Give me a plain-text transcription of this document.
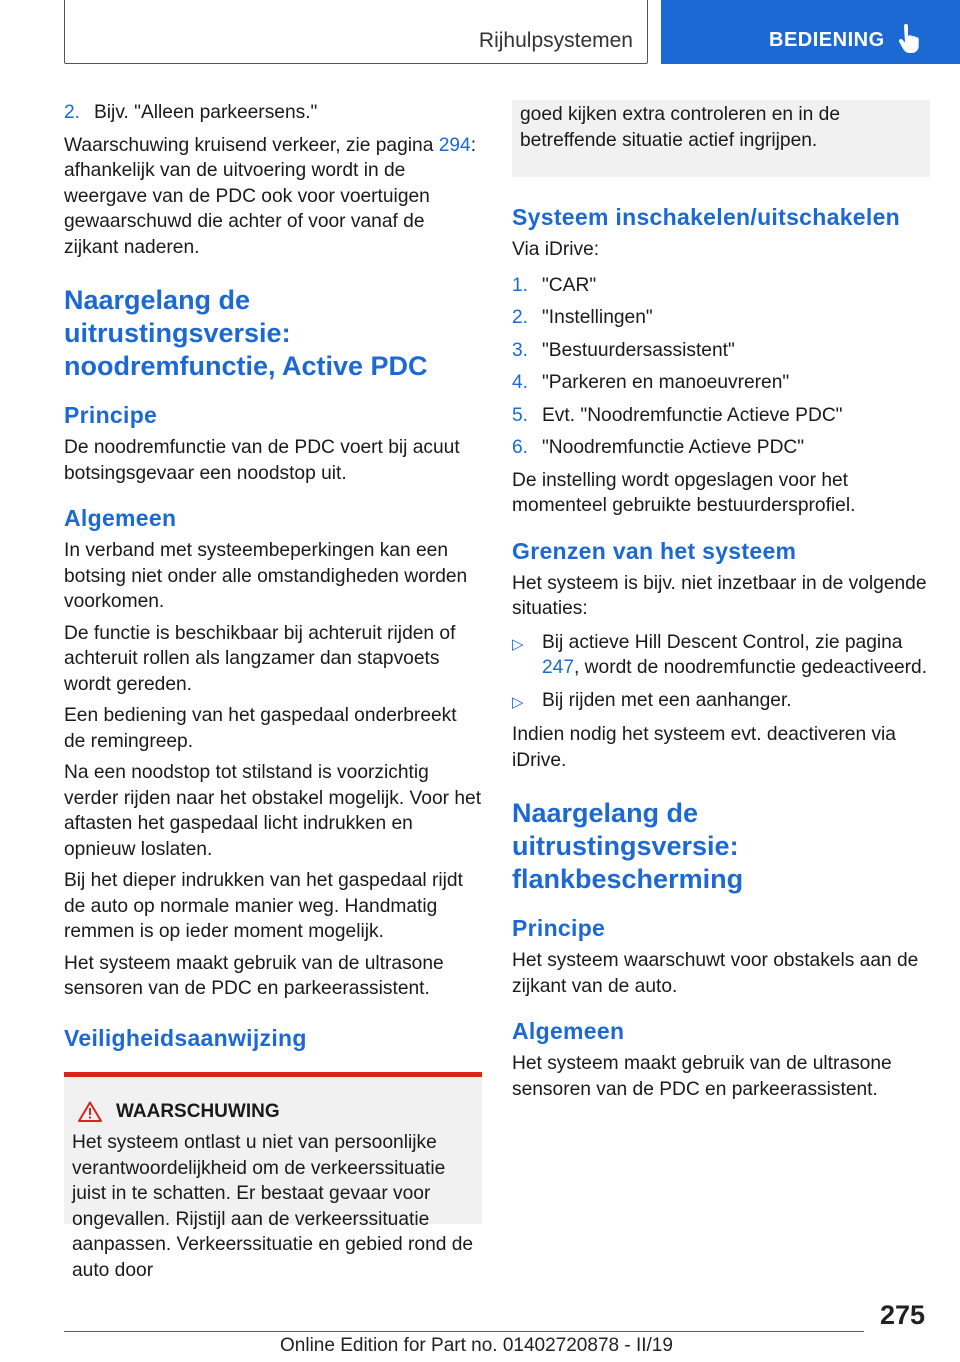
Rijhulpsystemen	BEDIENING
2. Bijv. "Alleen parkeersens."

Waarschuwing kruisend verkeer, zie pagina 294: afhankelijk van de uitvoering wordt in de weergave van de PDC ook voor voertuigen gewaarschuwd die achter of voor vanaf de zijkant naderen.

Naargelang de uitrustingsversie: noodremfunctie, Active PDC
Principe

De noodremfunctie van de PDC voert bij acuut botsingsgevaar een noodstop uit.

Algemeen

In verband met systeembeperkingen kan een botsing niet onder alle omstandigheden worden voorkomen.

De functie is beschikbaar bij achteruit rijden of achteruit rollen als langzamer dan stapvoets wordt gereden.

Een bediening van het gaspedaal onderbreekt de remingreep.

Na een noodstop tot stilstand is voorzichtig verder rijden naar het obstakel mogelijk. Voor het aftasten het gaspedaal licht indrukken en opnieuw loslaten.

Bij het dieper indrukken van het gaspedaal rijdt de auto op normale manier weg. Handmatig remmen is op ieder moment mogelijk.

Het systeem maakt gebruik van de ultrasone sensoren van de PDC en parkeerassistent.

Veiligheidsaanwijzing
WAARSCHUWING

Het systeem ontlast u niet van persoonlijke verantwoordelijkheid om de verkeerssituatie juist in te schatten. Er bestaat gevaar voor ongevallen. Rijstijl aan de verkeerssituatie aanpassen. Verkeerssituatie en gebied rond de auto door

goed kijken extra controleren en in de betreffende situatie actief ingrijpen.

Systeem inschakelen/uitschakelen

Via iDrive:

1. "CAR"
2. "Instellingen"
3. "Bestuurdersassistent"
4. "Parkeren en manoeuvreren"
5. Evt. "Noodremfunctie Actieve PDC"
6. "Noodremfunctie Actieve PDC"

De instelling wordt opgeslagen voor het momenteel gebruikte bestuurdersprofiel.

Grenzen van het systeem

Het systeem is bijv. niet inzetbaar in de volgende situaties:

▷ Bij actieve Hill Descent Control, zie pagina 247, wordt de noodremfunctie gedeactiveerd.
▷ Bij rijden met een aanhanger.

Indien nodig het systeem evt. deactiveren via iDrive.

Naargelang de uitrustingsversie: flankbescherming
Principe

Het systeem waarschuwt voor obstakels aan de zijkant van de auto.

Algemeen

Het systeem maakt gebruik van de ultrasone sensoren van de PDC en parkeerassistent.

275
Online Edition for Part no. 01402720878 - II/19
